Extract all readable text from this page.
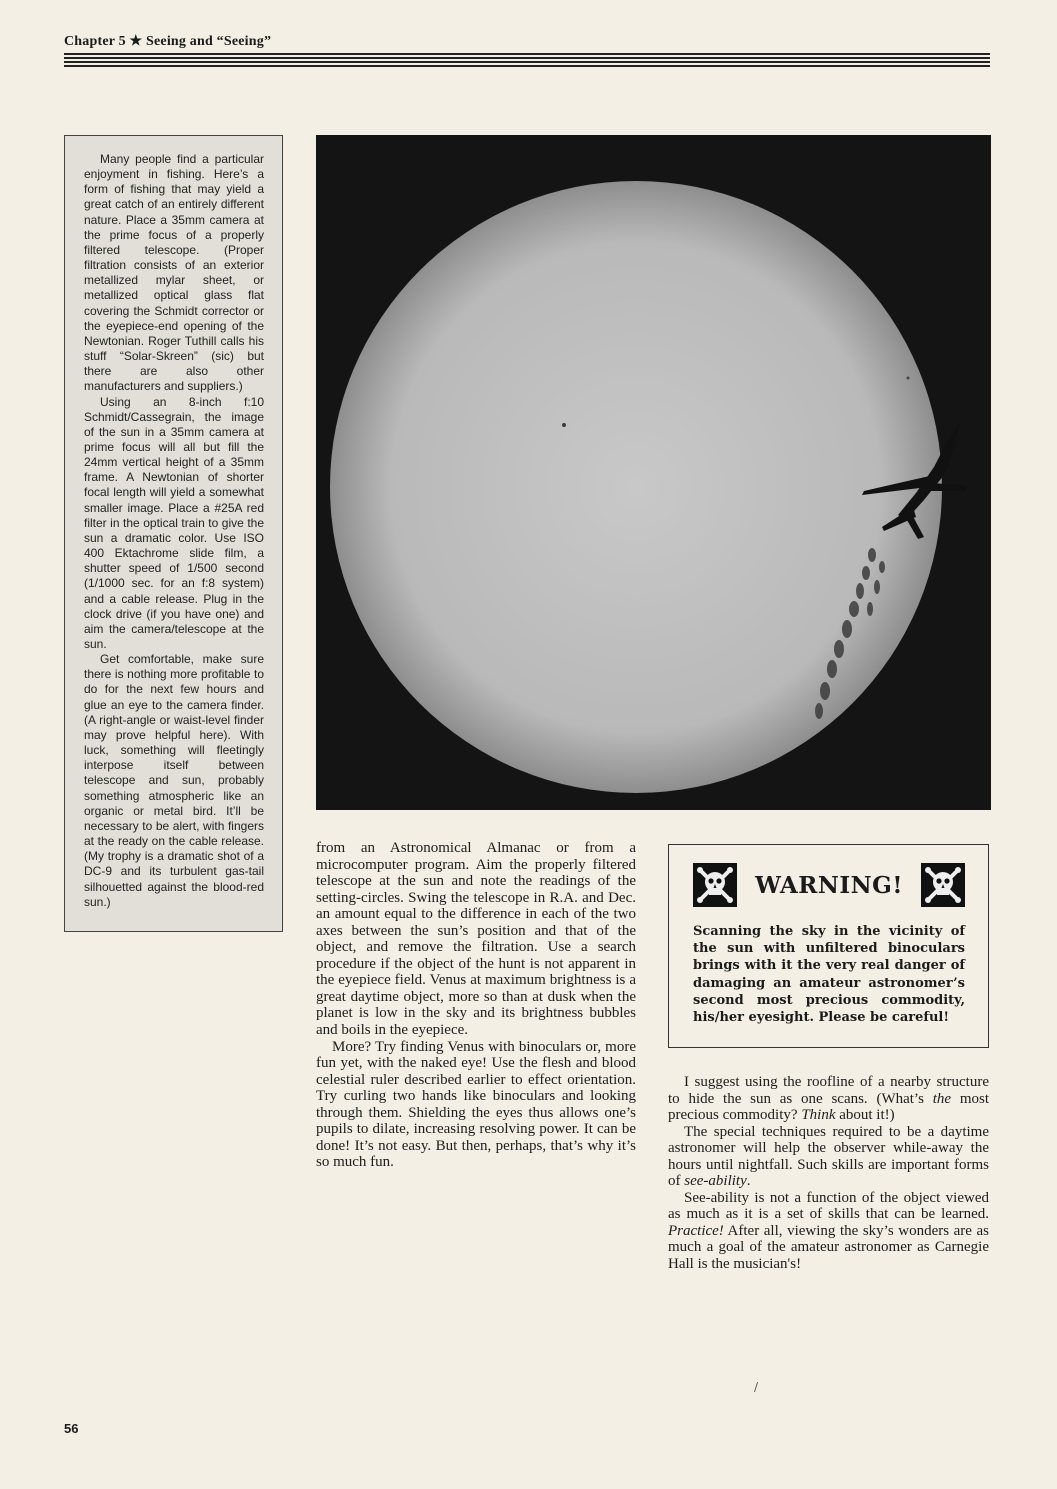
Chapter 5 ★ Seeing and “Seeing”

Many people find a particular enjoyment in fishing. Here’s a form of fishing that may yield a great catch of an entirely different nature. Place a 35mm camera at the prime focus of a properly filtered telescope. (Proper filtration consists of an exterior metallized mylar sheet, or metallized optical glass flat covering the Schmidt corrector or the eyepiece-end opening of the Newtonian. Roger Tuthill calls his stuff “Solar-Skreen” (sic) but there are also other manufacturers and suppliers.)

Using an 8-inch f:10 Schmidt/Cassegrain, the image of the sun in a 35mm camera at prime focus will all but fill the 24mm vertical height of a 35mm frame. A Newtonian of shorter focal length will yield a somewhat smaller image. Place a #25A red filter in the optical train to give the sun a dramatic color. Use ISO 400 Ektachrome slide film, a shutter speed of 1/500 second (1/1000 sec. for an f:8 system) and a cable release. Plug in the clock drive (if you have one) and aim the camera/telescope at the sun.

Get comfortable, make sure there is nothing more profitable to do for the next few hours and glue an eye to the camera finder. (A right-angle or waist-level finder may prove helpful here). With luck, something will fleetingly interpose itself between telescope and sun, probably something atmospheric like an organic or metal bird. It’ll be necessary to be alert, with fingers at the ready on the cable release. (My trophy is a dramatic shot of a DC-9 and its turbulent gas-tail silhouetted against the blood-red sun.)

from an Astronomical Almanac or from a microcomputer program. Aim the properly filtered telescope at the sun and note the readings of the setting-circles. Swing the telescope in R.A. and Dec. an amount equal to the difference in each of the two axes between the sun’s position and that of the object, and remove the filtration. Use a search procedure if the object of the hunt is not apparent in the eyepiece field. Venus at maximum brightness is a great daytime object, more so than at dusk when the planet is low in the sky and its brightness bubbles and boils in the eyepiece.

More? Try finding Venus with binoculars or, more fun yet, with the naked eye! Use the flesh and blood celestial ruler described earlier to effect orientation. Try curling two hands like binoculars and looking through them. Shielding the eyes thus allows one’s pupils to dilate, increasing resolving power. It can be done! It’s not easy. But then, perhaps, that’s why it’s so much fun.

WARNING!

Scanning the sky in the vicinity of the sun with unfiltered binoculars brings with it the very real danger of damaging an amateur astronomer’s second most precious commodity, his/her eyesight. Please be careful!

I suggest using the roofline of a nearby structure to hide the sun as one scans. (What’s the most precious commodity? Think about it!)

The special techniques required to be a daytime astronomer will help the observer while-away the hours until nightfall. Such skills are important forms of see-ability.

See-ability is not a function of the object viewed as much as it is a set of skills that can be learned. Practice! After all, viewing the sky’s wonders are as much a goal of the amateur astronomer as Carnegie Hall is the musician's!

/
56
